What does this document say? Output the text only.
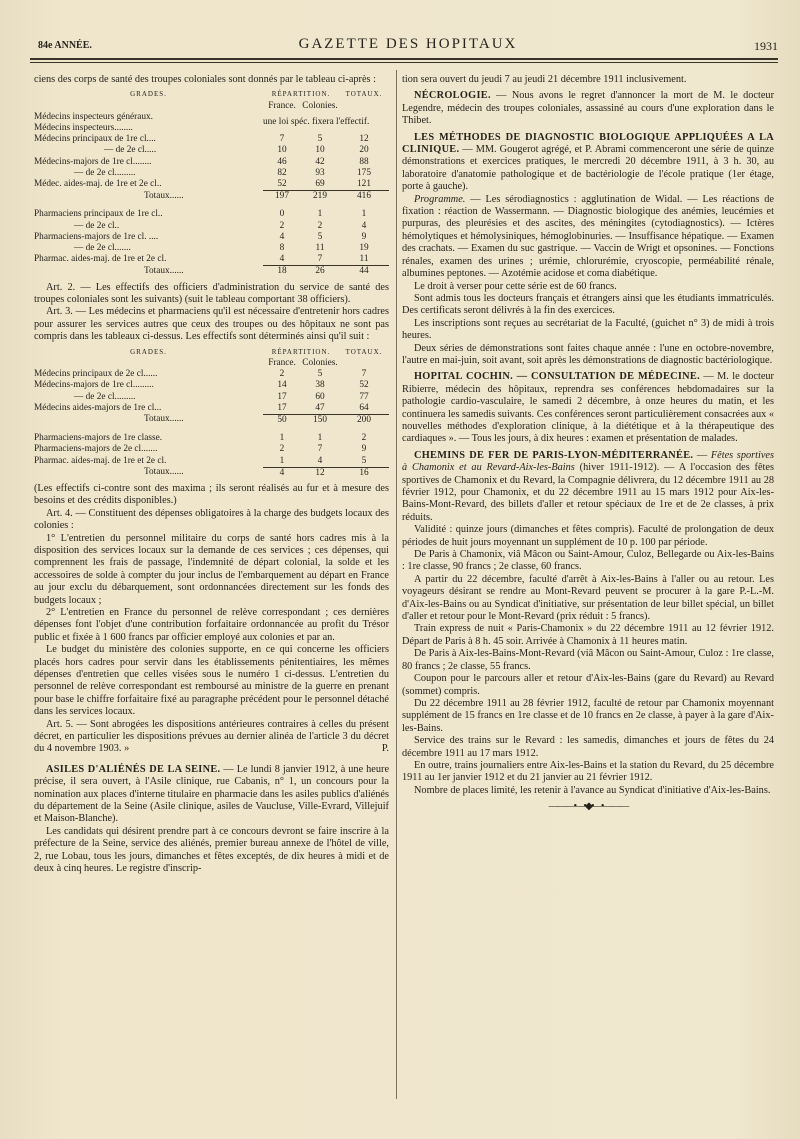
84e ANNÉE.	GAZETTE DES HOPITAUX	1931

ciens des corps de santé des troupes coloniales sont donnés par le tableau ci-après :

GRADES.	RÉPARTITION.		TOTAUX.
	France.	Colonies.	
Médecins inspecteurs généraux.	une loi spéc. fixera l'effectif.		
Médecins inspecteurs........			
Médecins principaux de 1re cl....	7	5	12
— de 2e cl.....	10	10	20
Médecins-majors de 1re cl........	46	42	88
— de 2e cl.........	82	93	175
Médec. aides-maj. de 1re et 2e cl..	52	69	121
Totaux......	197	219	416

Pharmaciens principaux de 1re cl..	0	1	1
— de 2e cl..	2	2	4
Pharmaciens-majors de 1re cl. ....	4	5	9
— de 2e cl.......	8	11	19
Pharmac. aides-maj. de 1re et 2e cl.	4	7	11
Totaux......	18	26	44

Art. 2. — Les effectifs des officiers d'administration du service de santé des troupes coloniales sont les suivants) (suit le tableau comportant 38 officiers).

Art. 3. — Les médecins et pharmaciens qu'il est nécessaire d'entretenir hors cadres pour assurer les services autres que ceux des troupes ou des hôpitaux ne sont pas compris dans les tableaux ci-dessus. Les effectifs sont déterminés ainsi qu'il suit :

GRADES.	RÉPARTITION.		TOTAUX.
	France.	Colonies.	
Médecins principaux de 2e cl......	2	5	7
Médecins-majors de 1re cl.........	14	38	52
— de 2e cl.........	17	60	77
Médecins aides-majors de 1re cl...	17	47	64
Totaux......	50	150	200

Pharmaciens-majors de 1re classe.	1	1	2
Pharmaciens-majors de 2e cl.......	2	7	9
Pharmac. aides-maj. de 1re et 2e cl.	1	4	5
Totaux......	4	12	16

(Les effectifs ci-contre sont des maxima ; ils seront réalisés au fur et à mesure des besoins et des crédits disponibles.)

Art. 4. — Constituent des dépenses obligatoires à la charge des budgets locaux des colonies :

1° L'entretien du personnel militaire du corps de santé hors cadres mis à la disposition des services locaux sur la demande de ces services ; ces dépenses, qui comprennent les frais de passage, l'indemnité de départ colonial, la solde et les accessoires de solde à compter du jour inclus de l'embarquement au départ en France au jour exclu du débarquement, sont ordonnancées directement sur les fonds des budgets locaux ;

2° L'entretien en France du personnel de relève correspondant ; ces dernières dépenses font l'objet d'une contribution forfaitaire ordonnancée au profit du Trésor public et fixée à 1 600 francs par officier employé aux colonies et par an.

Le budget du ministère des colonies supporte, en ce qui concerne les officiers placés hors cadres pour servir dans les établissements pénitentiaires, les mêmes dépenses d'entretien que celles visées sous le numéro 1 ci-dessus. L'entretien du personnel de relève correspondant est remboursé au ministre de la guerre en prenant pour base le chiffre forfaitaire fixé au paragraphe précédent pour le personnel détaché dans les services locaux.

Art. 5. — Sont abrogées les dispositions antérieures contraires à celles du présent décret, en particulier les dispositions prévues au dernier alinéa de l'article 3 du décret du 4 novembre 1903. »	P.

ASILES D'ALIÉNÉS DE LA SEINE. — Le lundi 8 janvier 1912, à une heure précise, il sera ouvert, à l'Asile clinique, rue Cabanis, n° 1, un concours pour la nomination aux places d'interne titulaire en pharmacie dans les asiles publics d'aliénés du département de la Seine (Asile clinique, asiles de Vaucluse, Ville-Evrard, Villejuif et Maison-Blanche).

Les candidats qui désirent prendre part à ce concours devront se faire inscrire à la préfecture de la Seine, service des aliénés, premier bureau annexe de l'hôtel de ville, 2, rue Lobau, tous les jours, dimanches et fêtes exceptés, de dix heures à midi et de deux à cinq heures. Le registre d'inscrip-

tion sera ouvert du jeudi 7 au jeudi 21 décembre 1911 inclusivement.

NÉCROLOGIE. — Nous avons le regret d'annoncer la mort de M. le docteur Legendre, médecin des troupes coloniales, assassiné au cours d'une exploration dans le Thibet.

LES MÉTHODES DE DIAGNOSTIC BIOLOGIQUE APPLIQUÉES A LA CLINIQUE. — MM. Gougerot agrégé, et P. Abrami commenceront une série de quinze démonstrations et exercices pratiques, le mercredi 20 décembre 1911, à 3 h. 30, au laboratoire d'anatomie pathologique et de bactériologie de l'école pratique (1er étage, porte à gauche).

Programme. — Les sérodiagnostics : agglutination de Widal. — Les réactions de fixation : réaction de Wassermann. — Diagnostic biologique des anémies, leucémies et purpuras, des pleurésies et des ascites, des méningites (cytodiagnostics). — Ictères hémolytiques et hémolysiniques, hémoglobinuries. — Insuffisance hépatique. — Examen des crachats. — Examen du suc gastrique. — Vaccin de Wrigt et opsonines. — Fonctions rénales, examen des urines ; urémie, chlorurémie, cryoscopie, perméabilité rénale, albumines peptones. — Azotémie acidose et coma diabétique.

Le droit à verser pour cette série est de 60 francs.

Sont admis tous les docteurs français et étrangers ainsi que les étudiants immatriculés. Des certificats seront délivrés à la fin des exercices.

Les inscriptions sont reçues au secrétariat de la Faculté, (guichet n° 3) de midi à trois heures.

Deux séries de démonstrations sont faites chaque année : l'une en octobre-novembre, l'autre en mai-juin, soit avant, soit après les démonstrations de diagnostic bactériologique.

HOPITAL COCHIN. — CONSULTATION DE MÉDECINE. — M. le docteur Ribierre, médecin des hôpitaux, reprendra ses conférences hebdomadaires sur la pathologie cardio-vasculaire, le samedi 2 décembre, à onze heures du matin, et les continuera les samedis suivants. Ces conférences seront particulièrement consacrées aux « nouvelles méthodes d'exploration clinique, à la diététique et à la thérapeutique des cardiaques ». — Tous les jours, à dix heures : examen et présentation de malades.

CHEMINS DE FER DE PARIS-LYON-MÉDITERRANÉE. — Fêtes sportives à Chamonix et au Revard-Aix-les-Bains (hiver 1911-1912). — A l'occasion des fêtes sportives de Chamonix et du Revard, la Compagnie délivrera, du 12 décembre 1911 au 28 février 1912, pour Chamonix, et du 22 décembre 1911 au 15 mars 1912 pour Aix-les-Bains-Mont-Revard, des billets d'aller et retour spéciaux de 1re et de 2e classes, à prix réduits.

Validité : quinze jours (dimanches et fêtes compris). Faculté de prolongation de deux périodes de huit jours moyennant un supplément de 10 p. 100 par période.

De Paris à Chamonix, viâ Mâcon ou Saint-Amour, Culoz, Bellegarde ou Aix-les-Bains : 1re classe, 90 francs ; 2e classe, 60 francs.

A partir du 22 décembre, faculté d'arrêt à Aix-les-Bains à l'aller ou au retour. Les voyageurs désirant se rendre au Mont-Revard peuvent se procurer à la gare P.-L.-M. d'Aix-les-Bains ou au Syndicat d'initiative, sur présentation de leur billet spécial, un billet d'aller et retour pour le Mont-Revard (prix réduit : 5 francs).

Train express de nuit « Paris-Chamonix » du 22 décembre 1911 au 12 février 1912. Départ de Paris à 8 h. 45 soir. Arrivée à Chamonix à 11 heures matin.

De Paris à Aix-les-Bains-Mont-Revard (viâ Mâcon ou Saint-Amour, Culoz : 1re classe, 80 francs ; 2e classe, 55 francs.

Coupon pour le parcours aller et retour d'Aix-les-Bains (gare du Revard) au Revard (sommet) compris.

Du 22 décembre 1911 au 28 février 1912, faculté de retour par Chamonix moyennant supplément de 15 francs en 1re classe et de 10 francs en 2e classe, à payer à la gare d'Aix-les-Bains.

Service des trains sur le Revard : les samedis, dimanches et jours de fêtes du 24 décembre 1911 au 17 mars 1912.

En outre, trains journaliers entre Aix-les-Bains et la station du Revard, du 25 décembre 1911 au 1er janvier 1912 et du 21 janvier au 21 février 1912.

Nombre de places limité, les retenir à l'avance au Syndicat d'initiative d'Aix-les-Bains.

———•—•◆•—•———
